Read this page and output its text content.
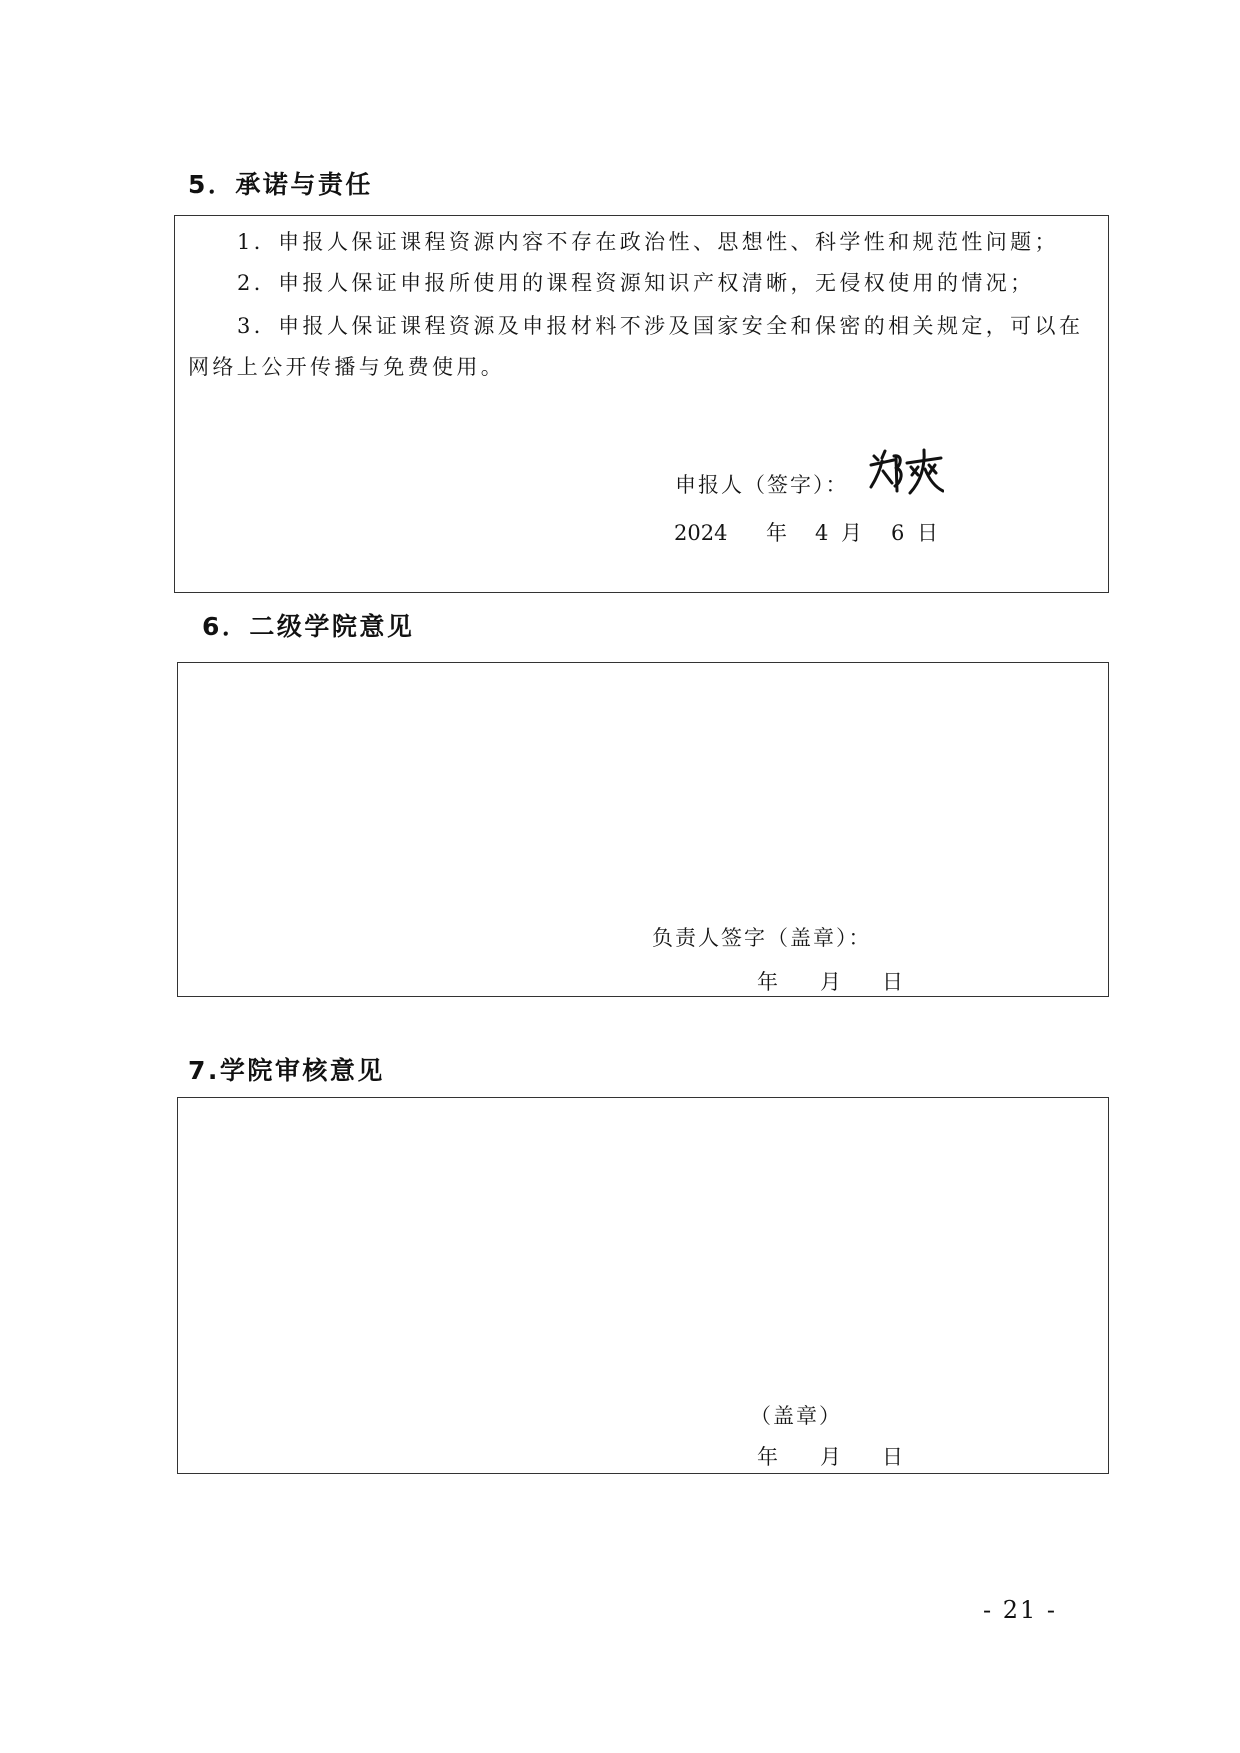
5．承诺与责任
1．申报人保证课程资源内容不存在政治性、思想性、科学性和规范性问题；
2．申报人保证申报所使用的课程资源知识产权清晰，无侵权使用的情况；
3．申报人保证课程资源及申报材料不涉及国家安全和保密的相关规定，可以在
网络上公开传播与免费使用。
申报人（签字）：
2024 年 4 月 6 日
6．二级学院意见
负责人签字（盖章）：
年 月 日
7.学院审核意见
（盖章）
年 月 日
- 21 -
